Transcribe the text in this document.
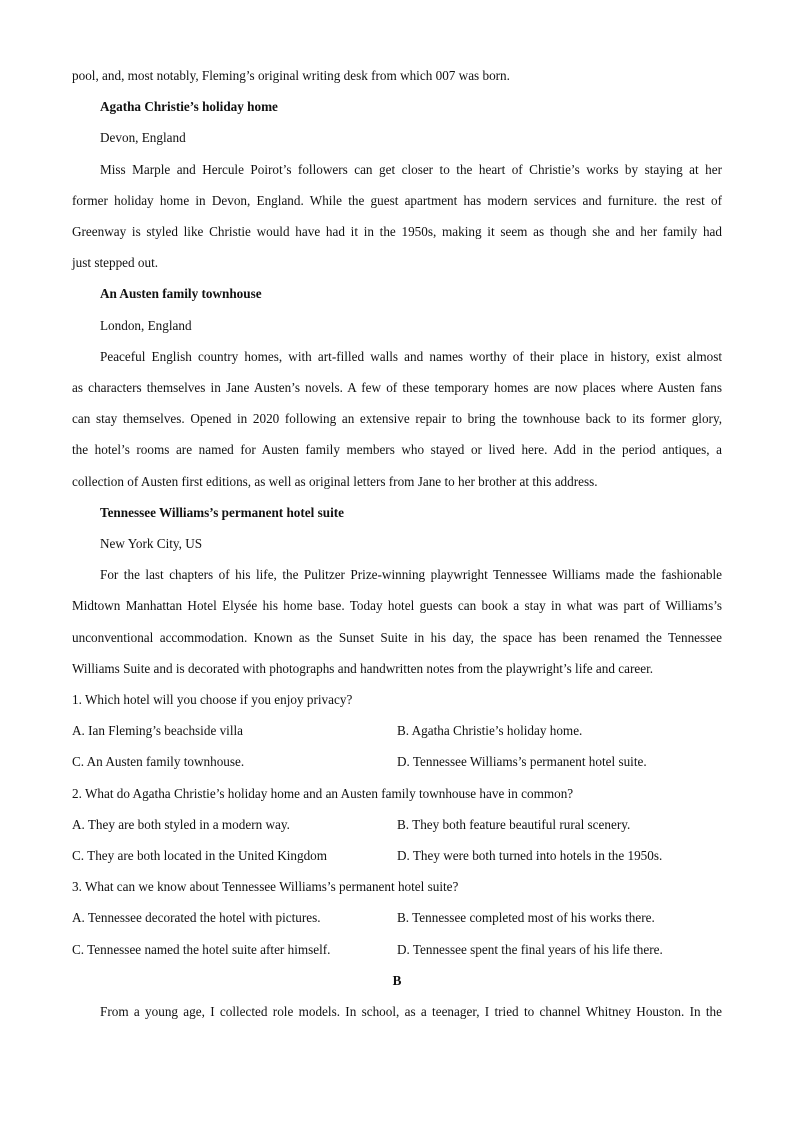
pool, and, most notably, Fleming’s original writing desk from which 007 was born.

Agatha Christie’s holiday home

Devon, England

Miss Marple and Hercule Poirot’s followers can get closer to the heart of Christie’s works by staying at her

former holiday home in Devon, England. While the guest apartment has modern services and furniture. the rest of

Greenway is styled like Christie would have had it in the 1950s, making it seem as though she and her family had

just stepped out.

An Austen family townhouse

London, England

Peaceful English country homes, with art-filled walls and names worthy of their place in history, exist almost

as characters themselves in Jane Austen’s novels. A few of these temporary homes are now places where Austen fans

can stay themselves. Opened in 2020 following an extensive repair to bring the townhouse back to its former glory,

the hotel’s rooms are named for Austen family members who stayed or lived here. Add in the period antiques, a

collection of Austen first editions, as well as original letters from Jane to her brother at this address.

Tennessee Williams’s permanent hotel suite

New York City, US

For the last chapters of his life, the Pulitzer Prize-winning playwright Tennessee Williams made the fashionable

Midtown Manhattan Hotel Elysée his home base. Today hotel guests can book a stay in what was part of Williams’s

unconventional accommodation. Known as the Sunset Suite in his day, the space has been renamed the Tennessee

Williams Suite and is decorated with photographs and handwritten notes from the playwright’s life and career.

1. Which hotel will you choose if you enjoy privacy?

A. Ian Fleming’s beachside villa	B. Agatha Christie’s holiday home.
C. An Austen family townhouse.	D. Tennessee Williams’s permanent hotel suite.

2. What do Agatha Christie’s holiday home and an Austen family townhouse have in common?

A. They are both styled in a modern way.	B. They both feature beautiful rural scenery.
C. They are both located in the United Kingdom	D. They were both turned into hotels in the 1950s.

3. What can we know about Tennessee Williams’s permanent hotel suite?

A. Tennessee decorated the hotel with pictures.	B. Tennessee completed most of his works there.
C. Tennessee named the hotel suite after himself.	D. Tennessee spent the final years of his life there.

B

From a young age, I collected role models. In school, as a teenager, I tried to channel Whitney Houston. In the
